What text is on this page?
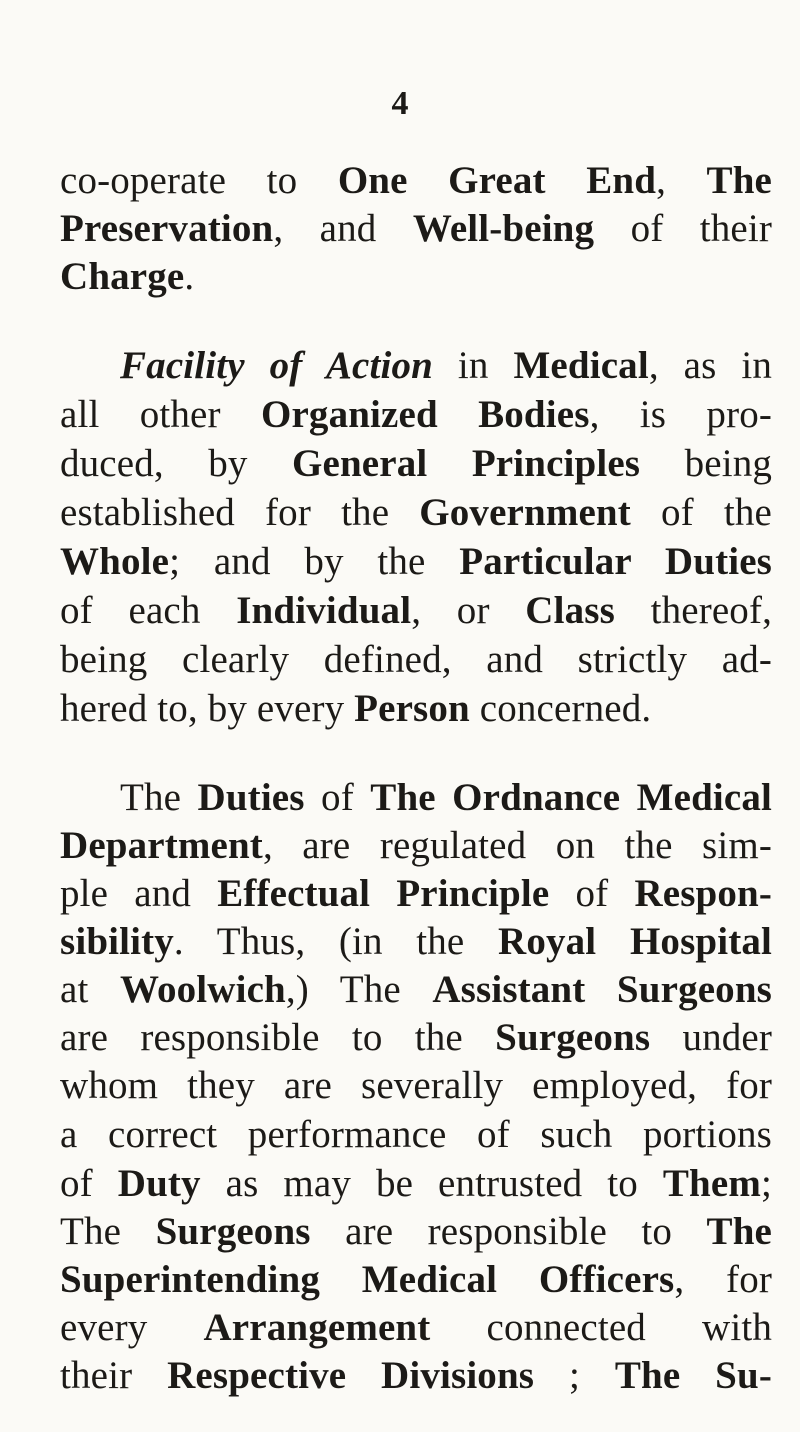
4
co-operate to One Great End, The
Preservation, and Well-being of their
Charge.
Facility of Action in Medical, as in
all other Organized Bodies, is pro-
duced, by General Principles being
established for the Government of the
Whole; and by the Particular Duties
of each Individual, or Class thereof,
being clearly defined, and strictly ad-
hered to, by every Person concerned.
The Duties of The Ordnance Medical
Department, are regulated on the sim-
ple and Effectual Principle of Respon-
sibility. Thus, (in the Royal Hospital
at Woolwich,) The Assistant Surgeons
are responsible to the Surgeons under
whom they are severally employed, for
a correct performance of such portions
of Duty as may be entrusted to Them;
The Surgeons are responsible to The
Superintending Medical Officers, for
every Arrangement connected with
their Respective Divisions ; The Su-
